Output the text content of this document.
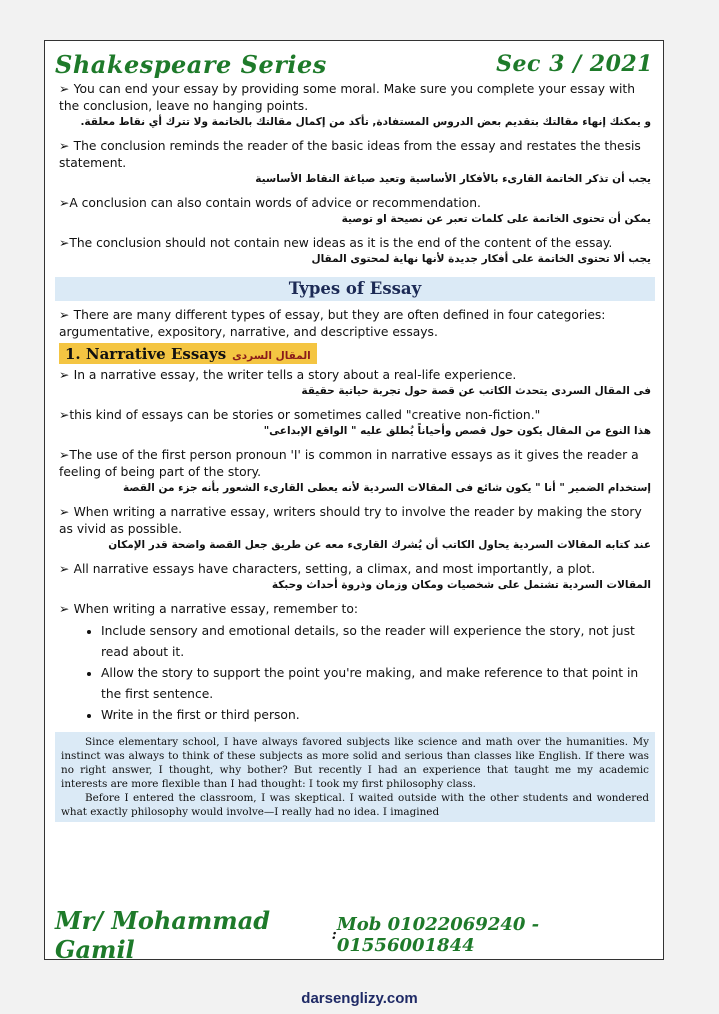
Shakespeare Series	Sec 3 / 2021

➢ You can end your essay by providing some moral. Make sure you complete your essay with the conclusion, leave no hanging points.

و يمكنك إنهاء مقالتك بتقديم بعض الدروس المستفادة, تأكد من إكمال مقالتك بالخاتمة ولا تترك أي نقاط معلقة.

➢ The conclusion reminds the reader of the basic ideas from the essay and restates the thesis statement.

يجب أن تذكر الخاتمة القارىء بالأفكار الأساسية وتعيد صياغة النقاط الأساسية

➢A conclusion can also contain words of advice or recommendation.

يمكن أن تحتوى الخاتمة على كلمات تعبر عن نصيحة او توصية

➢The conclusion should not contain new ideas as it is the end of the content of the essay.

يجب ألا تحتوى الخاتمة على أفكار جديدة لأنها نهاية لمحتوى المقال

Types of Essay

➢ There are many different types of essay, but they are often defined in four categories: argumentative, expository, narrative, and descriptive essays.

1. Narrative Essays المقال السردى

➢ In a narrative essay, the writer tells a story about a real-life experience.

فى المقال السردى يتحدث الكاتب عن قصة حول تجربة حياتية حقيقة

➢this kind of essays can be stories or sometimes called "creative non-fiction."

هذا النوع من المقال يكون حول قصص وأحياناً يُطلق عليه " الواقع الإبداعى"

➢The use of the first person pronoun 'I' is common in narrative essays as it gives the reader a feeling of being part of the story.

إستخدام الضمير " أنا " يكون شائع فى المقالات السردية لأنه يعطى القارىء الشعور بأنه جزء من القصة

➢ When writing a narrative essay, writers should try to involve the reader by making the story as vivid as possible.

عند كتابه المقالات السردية يحاول الكاتب أن يُشرك القارىء معه عن طريق جعل القصة واضحة قدر الإمكان

➢ All narrative essays have characters, setting, a climax, and most importantly, a plot.

المقالات السردية تشتمل على شخصيات ومكان وزمان وذروة أحداث وحبكة

➢ When writing a narrative essay, remember to:

• Include sensory and emotional details, so the reader will experience the story, not just read about it.
• Allow the story to support the point you're making, and make reference to that point in the first sentence.
• Write in the first or third person.

Since elementary school, I have always favored subjects like science and math over the humanities. My instinct was always to think of these subjects as more solid and serious than classes like English. If there was no right answer, I thought, why bother? But recently I had an experience that taught me my academic interests are more flexible than I had thought: I took my first philosophy class.

Before I entered the classroom, I was skeptical. I waited outside with the other students and wondered what exactly philosophy would involve—I really had no idea. I imagined

Mr/ Mohammad Gamil	: Mob 01022069240 - 01556001844
darsenglizy.com
